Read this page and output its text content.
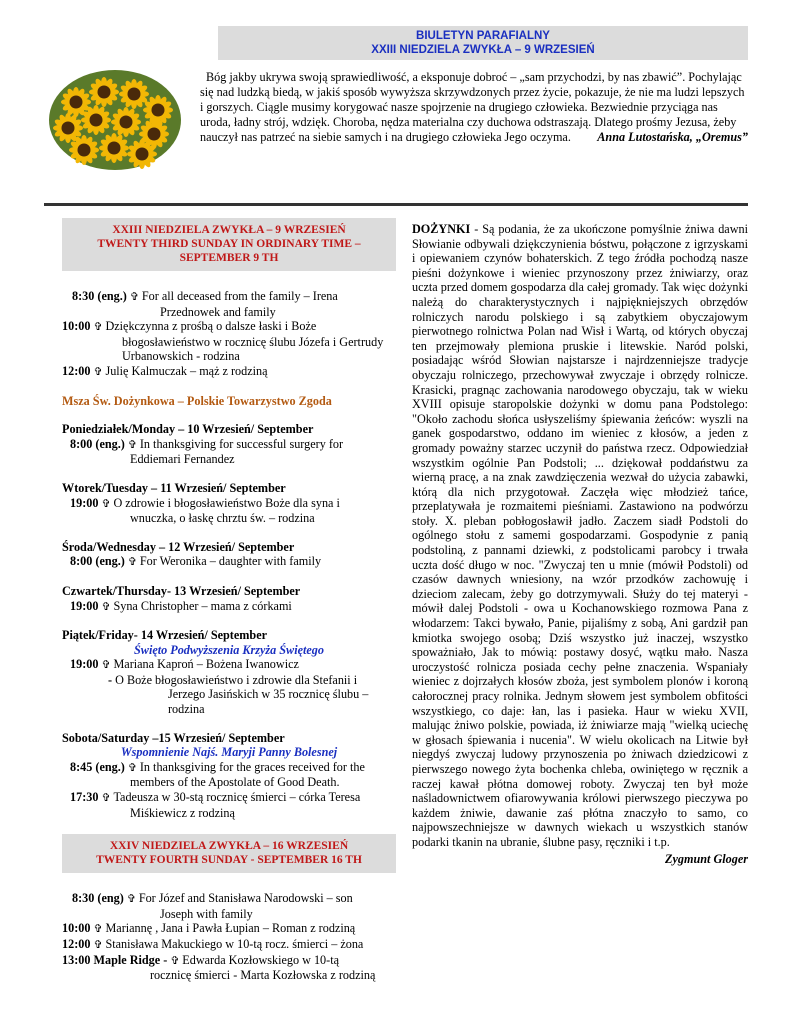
BIULETYN PARAFIALNY
XXIII NIEDZIELA ZWYKŁA – 9 WRZESIEŃ
Bóg jakby ukrywa swoją sprawiedliwość, a eksponuje dobroć – „sam przychodzi, by nas zbawić”. Pochylając się nad ludzką biedą, w jakiś sposób wywyższa skrzywdzonych przez życie, pokazuje, że nie ma ludzi lepszych i gorszych. Ciągle musimy korygować nasze spojrzenie na drugiego człowieka. Bezwiednie przyciąga nas uroda, ładny strój, wdzięk. Choroba, nędza materialna czy duchowa odstraszają. Dlatego prośmy Jezusa, żeby nauczył nas patrzeć na siebie samych i na drugiego człowieka Jego oczyma. Anna Lutostańska, „Oremus”
XXIII NIEDZIELA ZWYKŁA – 9 WRZESIEŃ
TWENTY THIRD SUNDAY IN ORDINARY TIME – SEPTEMBER 9 TH
8:30 (eng.) ✞ For all deceased from the family – Irena
Przednowek and family
10:00 ✞ Dziękczynna z prośbą o dalsze łaski i Boże
błogosławieństwo w rocznicę ślubu Józefa i Gertrudy Urbanowskich - rodzina
12:00 ✞ Julię Kalmuczak – mąż z rodziną
Msza Św. Dożynkowa – Polskie Towarzystwo Zgoda
Poniedziałek/Monday – 10 Wrzesień/ September
8:00 (eng.) ✞ In thanksgiving for successful surgery for
Eddiemari Fernandez
Wtorek/Tuesday – 11 Wrzesień/ September
19:00 ✞ O zdrowie i błogosławieństwo Boże dla syna i
wnuczka, o łaskę chrztu św. – rodzina
Środa/Wednesday – 12 Wrzesień/ September
8:00 (eng.) ✞ For Weronika – daughter with family
Czwartek/Thursday- 13 Wrzesień/ September
19:00 ✞ Syna Christopher – mama z córkami
Piątek/Friday- 14 Wrzesień/ September
Święto Podwyższenia Krzyża Świętego
19:00 ✞ Mariana Kaproń – Bożena Iwanowicz
- O Boże błogosławieństwo i zdrowie dla Stefanii i
Jerzego Jasińskich w 35 rocznicę ślubu – rodzina
Sobota/Saturday –15 Wrzesień/ September
Wspomnienie Najś. Maryji Panny Bolesnej
8:45 (eng.) ✞ In thanksgiving for the graces received for the
members of the Apostolate of Good Death.
17:30 ✞ Tadeusza w 30-stą rocznicę śmierci – córka Teresa
Miśkiewicz z rodziną
XXIV NIEDZIELA ZWYKŁA – 16 WRZESIEŃ
TWENTY FOURTH SUNDAY - SEPTEMBER 16 TH
8:30 (eng) ✞ For Józef and Stanisława Narodowski – son
Joseph with family
10:00 ✞ Mariannę , Jana i Pawła Łupian – Roman z rodziną
12:00 ✞ Stanisława Makuckiego w 10-tą rocz. śmierci – żona
13:00 Maple Ridge - ✞ Edwarda Kozłowskiego w 10-tą
rocznicę śmierci - Marta Kozłowska z rodziną
DOŻYNKI - Są podania, że za ukończone pomyślnie żniwa dawni Słowianie odbywali dziękczynienia bóstwu, połączone z igrzyskami i opiewaniem czynów bohaterskich. Z tego źródła pochodzą nasze pieśni dożynkowe i wieniec przynoszony przez żniwiarzy, oraz uczta przed domem gospodarza dla całej gromady. Tak więc dożynki należą do charakterystycznych i najpiękniejszych obrzędów rolniczych narodu polskiego i są zabytkiem obyczajowym pierwotnego rolnictwa Polan nad Wisł i Wartą, od których obyczaj ten przejmowały plemiona pruskie i litewskie. Naród polski, posiadając wśród Słowian najstarsze i najrdzenniejsze tradycje obyczaju rolniczego, przechowywał zwyczaje i obrzędy rolnicze. Krasicki, pragnąc zachowania narodowego obyczaju, tak w wieku XVIII opisuje staropolskie dożynki w domu pana Podstolego: "Około zachodu słońca usłyszeliśmy śpiewania żeńców: wyszli na ganek gospodarstwo, oddano im wieniec z kłosów, a jeden z gromady poważny starzec uczynił do państwa rzecz. Odpowiedział wszystkim ogólnie Pan Podstoli; ... dziękował poddaństwu za wierną pracę, a na znak zawdzięczenia wezwał do użycia zabawki, którą dla nich przygotował. Zaczęła więc młodzież tańce, przeplatywała je rozmaitemi pieśniami. Zastawiono na podwórzu stoły. X. pleban pobłogosławił jadło. Zaczem siadł Podstoli do ogólnego stołu z samemi gospodarzami. Gospodynie z panią podstoliną, z pannami dziewki, z podstolicami parobcy i trwała uczta dość długo w noc. "Zwyczaj ten u mnie (mówił Podstoli) od czasów dawnych wniesiony, na wzór przodków zachowuję i dzieciom zalecam, żeby go dotrzymywali. Służy do tej materyi - mówił dalej Podstoli - owa u Kochanowskiego rozmowa Pana z włodarzem: Takci bywało, Panie, pijaliśmy z sobą, Ani gardził pan kmiotka swojego osobą; Dziś wszystko już inaczej, wszystko spoważniało, Jak to mówią: postawy dosyć, wątku mało. Nasza uroczystość rolnicza posiada cechy pełne znaczenia. Wspaniały wieniec z dojrzałych kłosów zboża, jest symbolem plonów i koroną całorocznej pracy rolnika. Jednym słowem jest symbolem obfitości wszystkiego, co daje: łan, las i pasieka. Haur w wieku XVII, malując żniwo polskie, powiada, iż żniwiarze mają "wielką uciechę w głosach śpiewania i nucenia". W wielu okolicach na Litwie był niegdyś zwyczaj ludowy przynoszenia po żniwach dziedzicowi z pierwszego nowego żyta bochenka chleba, owiniętego w ręcznik a raczej kawał płótna domowej roboty. Zwyczaj ten był może naśladownictwem ofiarowywania królowi pierwszego pieczywa po każdem żniwie, dawanie zaś płótna znaczyło to samo, co najpowszechniejsze w dawnych wiekach u wszystkich stanów podarki tkanin na ubranie, ślubne pasy, ręczniki i t.p.
Zygmunt Gloger
